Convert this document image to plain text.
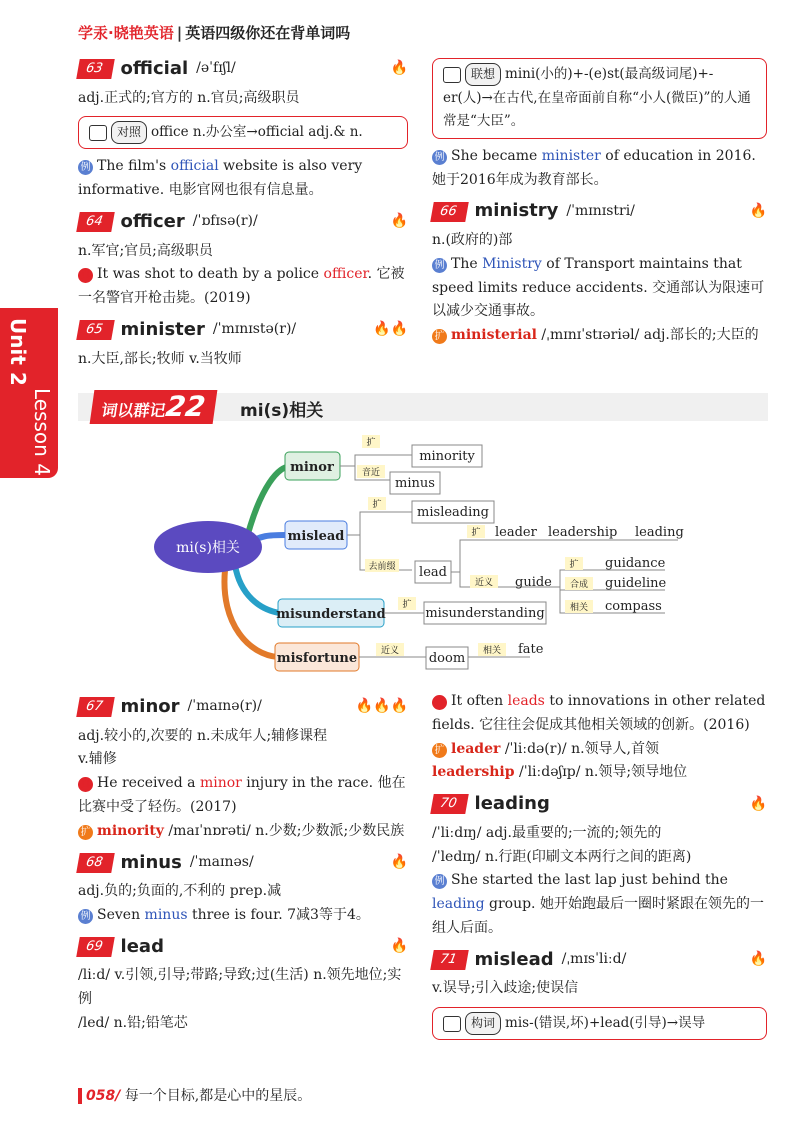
学汞·晓艳英语 | 英语四级你还在背单词吗
Unit 2
Lesson 4
63 official /əˈfɪʃl/	🔥
adj.正式的;官方的 n.官员;高级职员
对照 office n.办公室→official adj.& n.
例 The film's official website is also very informative. 电影官网也很有信息量。
64 officer /ˈɒfɪsə(r)/	🔥
n.军官;官员;高级职员
真 It was shot to death by a police officer. 它被一名警官开枪击毙。(2019)
65 minister /ˈmɪnɪstə(r)/	🔥🔥
n.大臣,部长;牧师 v.当牧师
联想 mini(小的)+-(e)st(最高级词尾)+-er(人)→在古代,在皇帝面前自称“小人(微臣)”的人通常是“大臣”。
例 She became minister of education in 2016. 她于2016年成为教育部长。
66 ministry /ˈmɪnɪstri/	🔥
n.(政府的)部
例 The Ministry of Transport maintains that speed limits reduce accidents. 交通部认为限速可以减少交通事故。
扩 ministerial /ˌmɪnɪˈstɪəriəl/ adj.部长的;大臣的
词以群记22	mi(s)相关
mi(s)相关
minor
mislead
misunderstand
misfortune
扩
音近
minority
minus
扩
去前缀
misleading
lead
扩 leader leadership leading
近义 guide
扩
合成
相关
guidance
guideline
compass
扩
misunderstanding
近义 doom 相关 fate
67 minor /ˈmaɪnə(r)/	🔥🔥🔥
adj.较小的,次要的 n.未成年人;辅修课程
v.辅修
真 He received a minor injury in the race. 他在比赛中受了轻伤。(2017)
扩 minority /maɪˈnɒrəti/ n.少数;少数派;少数民族
68 minus /ˈmaɪnəs/	🔥
adj.负的;负面的,不利的 prep.减
例 Seven minus three is four. 7减3等于4。
69 lead	🔥
/liːd/ v.引领,引导;带路;导致;过(生活) n.领先地位;实例
/led/ n.铅;铅笔芯
真 It often leads to innovations in other related fields. 它往往会促成其他相关领域的创新。(2016)
扩 leader /ˈliːdə(r)/ n.领导人,首领
leadership /ˈliːdəʃɪp/ n.领导;领导地位
70 leading	🔥
/ˈliːdɪŋ/ adj.最重要的;一流的;领先的
/ˈledɪŋ/ n.行距(印刷文本两行之间的距离)
例 She started the last lap just behind the leading group. 她开始跑最后一圈时紧跟在领先的一组人后面。
71 mislead /ˌmɪsˈliːd/	🔥
v.误导;引入歧途;使误信
构词 mis-(错误,坏)+lead(引导)→误导
058/ 每一个目标,都是心中的星辰。
